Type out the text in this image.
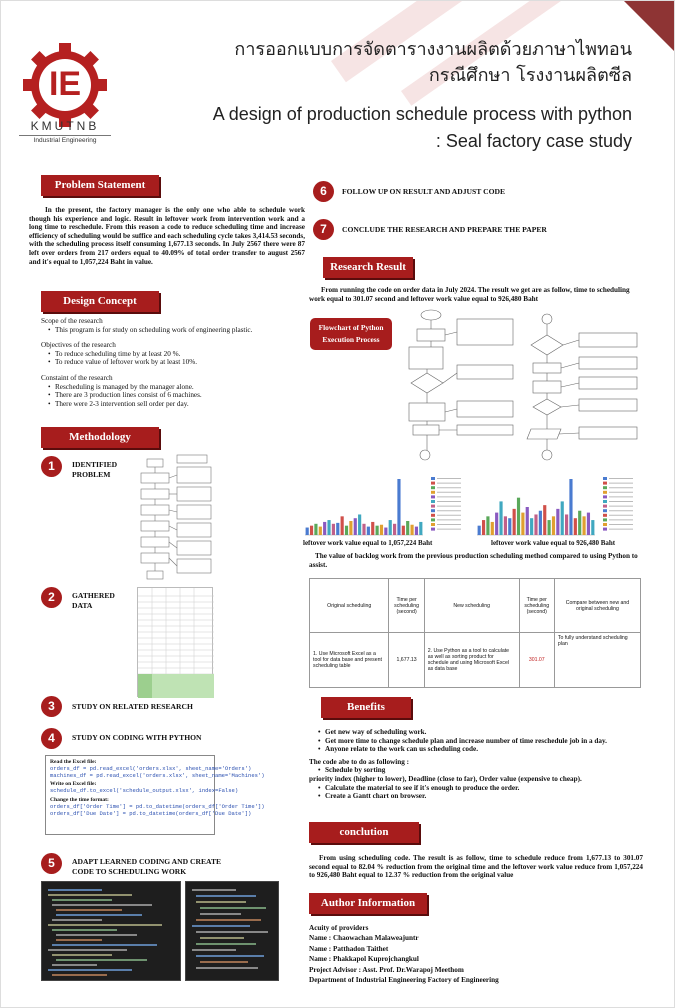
IE
KMUTNB
Industrial Engineering
การออกแบบการจัดตารางงานผลิตด้วยภาษาไพทอน
กรณีศึกษา โรงงานผลิตซีล
A design of production schedule process with python
: Seal factory case study
Problem Statement
In the present, the factory manager is the only one who able to schedule work though his experience and logic. Result in leftover work from intervention work and a long time to reschedule. From this reason a code to reduce scheduling time and increase efficiency of scheduling would be suffice and each scheduling cycle takes 3,414.53 seconds, with the scheduling process itself consuming 1,677.13 seconds. In July 2567 there were 87 left over orders from 217 orders equal to 40.09% of total order transfer to august 2567 and it's equal to 1,057,224 Baht in value.
Design Concept
Scope of the research
• This program is for study on scheduling work of engineering plastic.
Objectives of the research
• To reduce scheduling time by at least 20 %.
• To reduce value of leftover work by at least 10%.
Constaint of the research
• Rescheduling is managed by the manager alone.
• There are 3 production lines consist of 6 machines.
• There were 2-3 intervention sell order per day.
Methodology
1	IDENTIFIED
PROBLEM
2	GATHERED
DATA
3	STUDY ON RELATED RESEARCH
4	STUDY ON CODING WITH PYTHON
Read the Excel file:
orders_df = pd.read_excel('orders.xlsx', sheet_name='Orders')
machines_df = pd.read_excel('orders.xlsx', sheet_name='Machines')
Write on Excel file:
schedule_df.to_excel('schedule_output.xlsx', index=False)
Change the time format:
orders_df['Order Time'] = pd.to_datetime(orders_df['Order Time'])
orders_df['Due Date'] = pd.to_datetime(orders_df['Due Date'])
5	ADAPT LEARNED CODING AND CREATE
CODE TO SCHEDULING WORK
6	FOLLOW UP ON RESULT AND ADJUST CODE
7	CONCLUDE THE RESEARCH AND PREPARE THE PAPER
Research Result
From running the code on order data in July 2024. The result we get are as follow, time to scheduling work equal to 301.07 second and leftover work value equal to 926,480 Baht
Flowchart of Python
Execution Process
leftover work value equal to 1,057,224 Baht	leftover work value equal to 926,480 Baht
The value of backlog work from the previous production scheduling method compared to using Python to assist.
Original scheduling	Time per scheduling (second)	New scheduling	Time per scheduling (second)	Compare between new and original scheduling
1. Use Microsoft Excel as a tool for data base and present scheduling table	1,677.13	2. Use Python as a tool to calculate as well as sorting product for schedule and using Microsoft Excel as data base	301.07	To fully understand scheduling plan
Benefits
• Get new way of scheduling work.
• Get more time to change schedule plan and increase number of time reschedule job in a day.
• Anyone relate to the work can us scheduling code.
The code abe to do as following :
• Schedule by sorting
priority index (higher to lower), Deadline (close to far), Order value (expensive to cheap).
• Calculate the material to see if it's enough to produce the order.
• Create a Gantt chart on browser.
conclution
From using scheduling code. The result is as follow, time to schedule reduce from 1,677.13 to 301.07 second equal to 82.04 % reduction from the original time and the leftover work value reduce from 1,057,224 to 926,480 Baht equal to 12.37 % reduction from the original value
Author Information
Acuity of providers
Name : Chaowachan Malaweajuntr
Name : Patthadon Taithet
Name : Phakkapol Kuprojchangkul
Project Advisor : Asst. Prof. Dr.Warapoj Meethom
Department of Industrial Engineering Factory of Engineering
